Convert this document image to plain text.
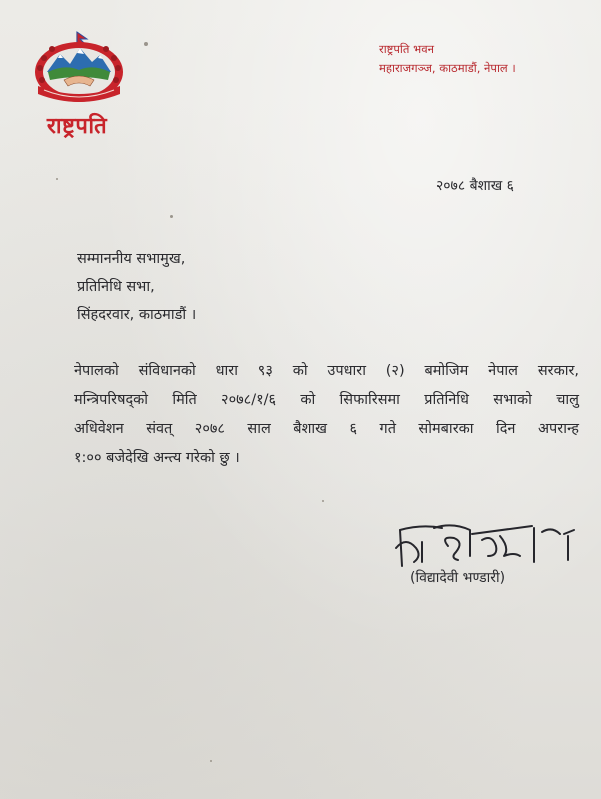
राष्ट्रपति
राष्ट्रपति भवन
महाराजगञ्ज, काठमाडौं, नेपाल ।
२०७८ बैशाख ६
सम्माननीय सभामुख,
प्रतिनिधि सभा,
सिंहदरवार, काठमाडौं ।
नेपालको संविधानको धारा ९३ को उपधारा (२) बमोजिम नेपाल सरकार,
मन्त्रिपरिषद्को मिति २०७८/१/६ को सिफारिसमा प्रतिनिधि सभाको चालु
अधिवेशन संवत् २०७८ साल बैशाख ६ गते सोमबारका दिन अपरान्ह
१:०० बजेदेखि अन्त्य गरेको छु ।
(विद्यादेवी भण्डारी)
